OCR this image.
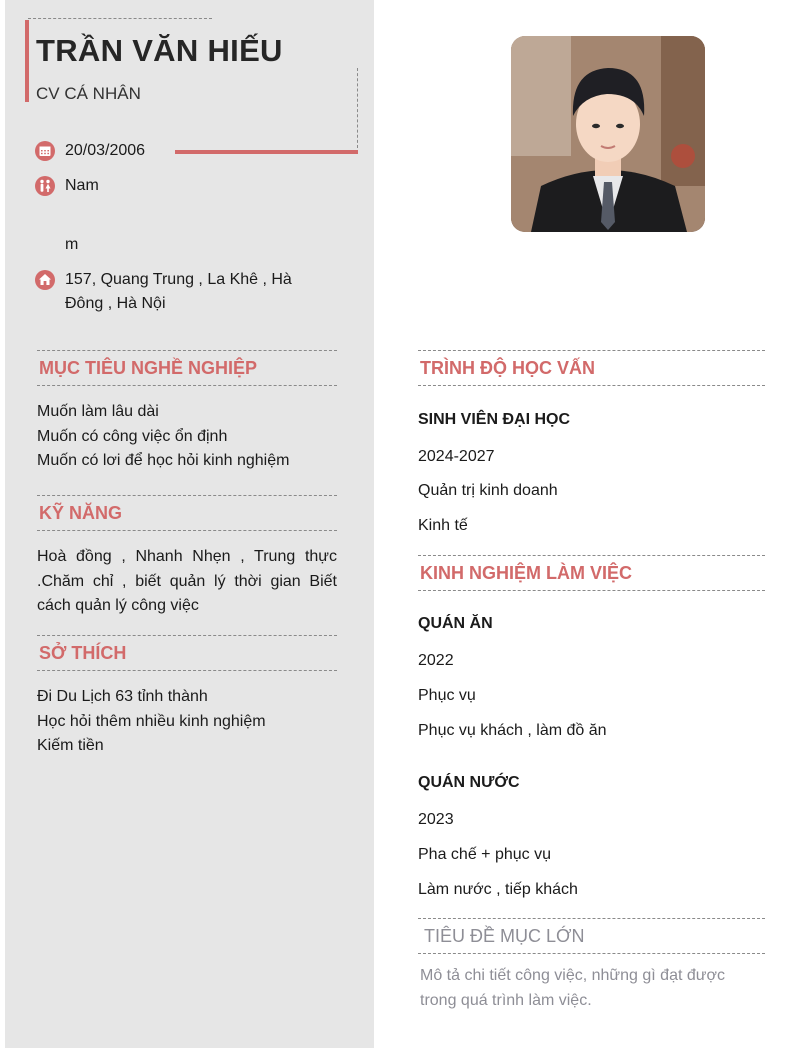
TRẦN VĂN HIẾU
CV CÁ NHÂN
20/03/2006
Nam
m
157, Quang Trung , La Khê , Hà
Đông , Hà Nội
MỤC TIÊU NGHỀ NGHIỆP
Muốn làm lâu dài
Muốn có công việc ổn định
Muốn có lơi để học hỏi kinh nghiệm
KỸ NĂNG
Hoà đồng , Nhanh Nhẹn , Trung thực .Chăm chỉ , biết quản lý thời gian Biết cách quản lý công việc
SỞ THÍCH
Đi Du Lịch 63 tỉnh thành
Học hỏi thêm nhiều kinh nghiệm
Kiếm tiền
TRÌNH ĐỘ HỌC VẤN
SINH VIÊN ĐẠI HỌC
2024-2027
Quản trị kinh doanh
Kinh tế
KINH NGHIỆM LÀM VIỆC
QUÁN ĂN
2022
Phục vụ
Phục vụ khách , làm đồ ăn
QUÁN NƯỚC
2023
Pha chế + phục vụ
Làm nước , tiếp khách
TIÊU ĐỀ MỤC LỚN
Mô tả chi tiết công việc, những gì đạt được trong quá trình làm việc.
